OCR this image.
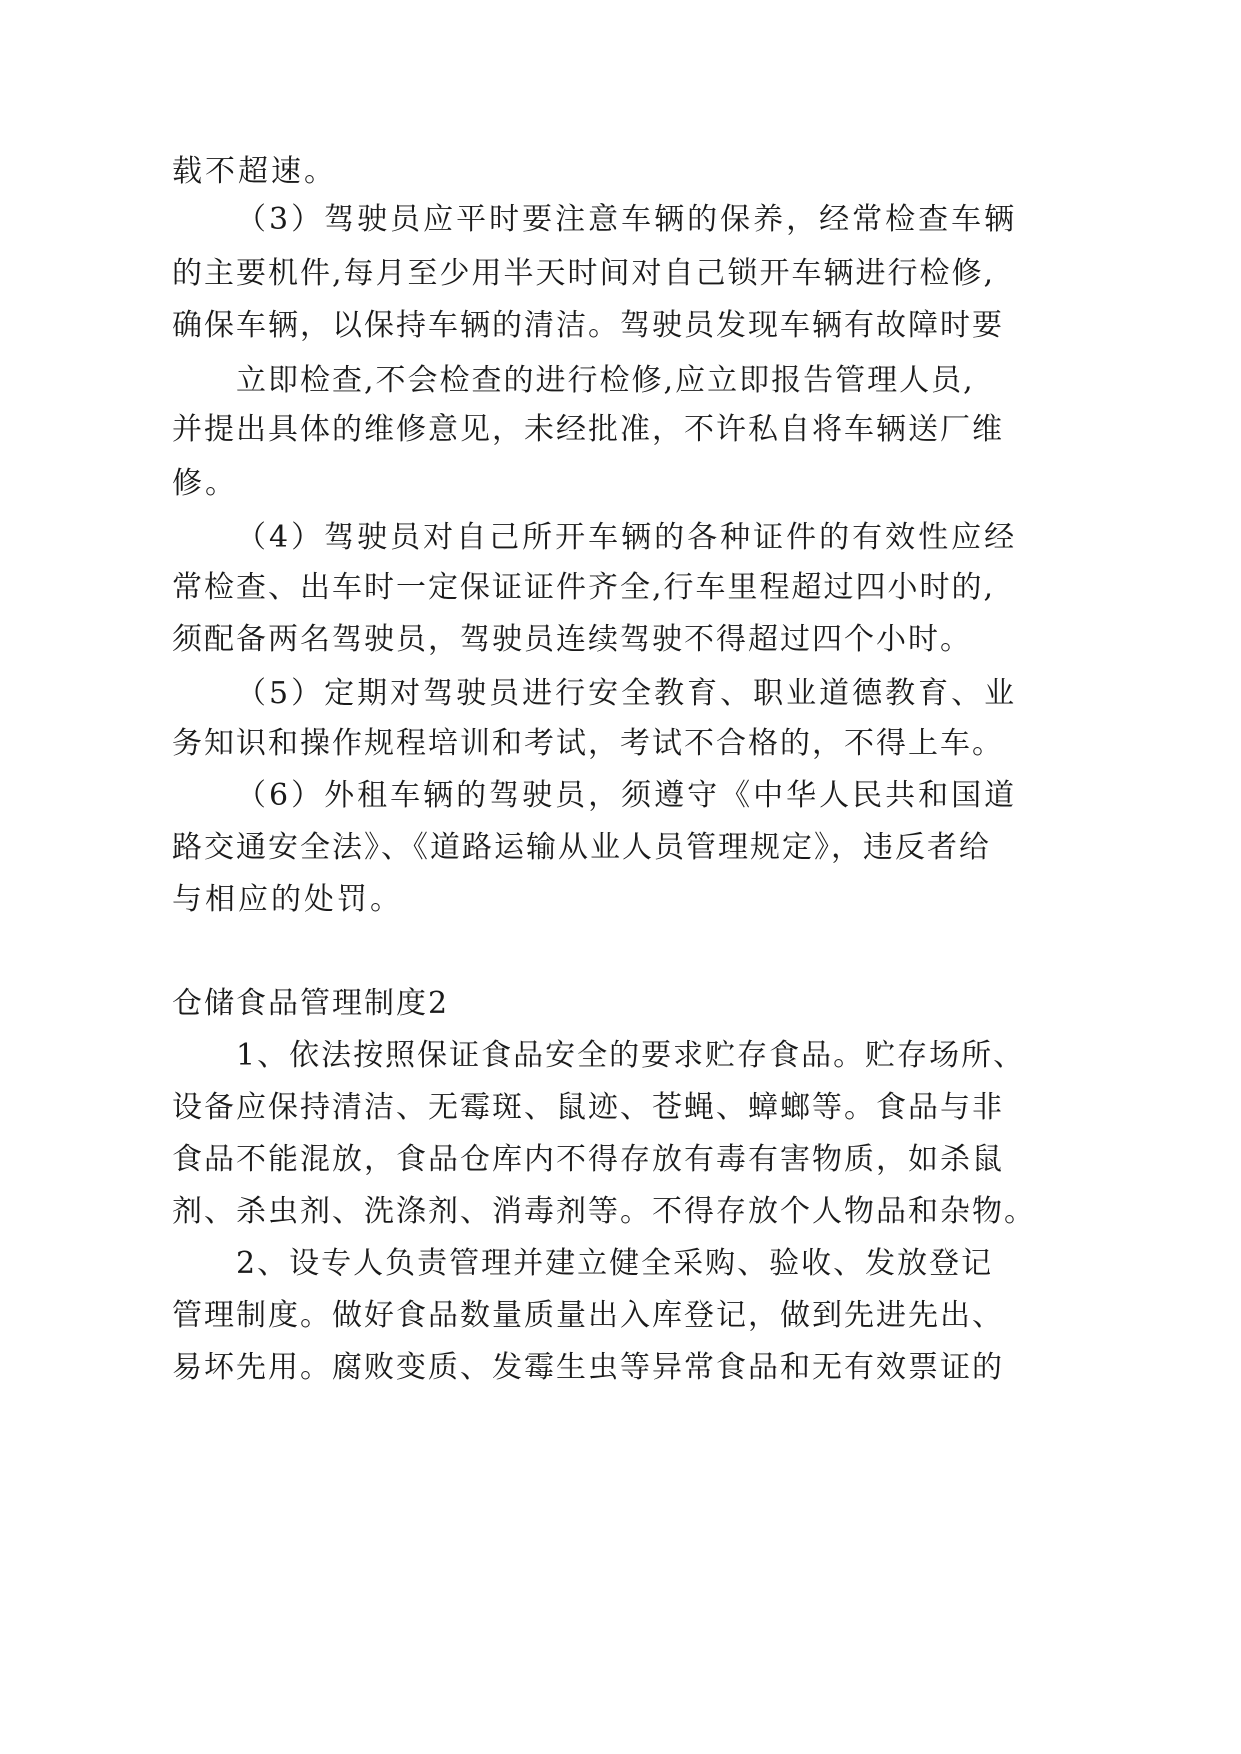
载不超速。
（3）驾驶员应平时要注意车辆的保养，经常检查车辆
的主要机件,每月至少用半天时间对自己锁开车辆进行检修,
确保车辆，以保持车辆的清洁。驾驶员发现车辆有故障时要
立即检查,不会检查的进行检修,应立即报告管理人员,
并提出具体的维修意见，未经批准，不许私自将车辆送厂维
修。
（4）驾驶员对自己所开车辆的各种证件的有效性应经
常检查、出车时一定保证证件齐全,行车里程超过四小时的,
须配备两名驾驶员，驾驶员连续驾驶不得超过四个小时。
（5）定期对驾驶员进行安全教育、职业道德教育、业
务知识和操作规程培训和考试，考试不合格的，不得上车。
（6）外租车辆的驾驶员，须遵守《中华人民共和国道
路交通安全法》、《道路运输从业人员管理规定》，违反者给
与相应的处罚。
仓储食品管理制度2
1、依法按照保证食品安全的要求贮存食品。贮存场所、
设备应保持清洁、无霉斑、鼠迹、苍蝇、蟑螂等。食品与非
食品不能混放，食品仓库内不得存放有毒有害物质，如杀鼠
剂、杀虫剂、洗涤剂、消毒剂等。不得存放个人物品和杂物。
2、设专人负责管理并建立健全采购、验收、发放登记
管理制度。做好食品数量质量出入库登记，做到先进先出、
易坏先用。腐败变质、发霉生虫等异常食品和无有效票证的
